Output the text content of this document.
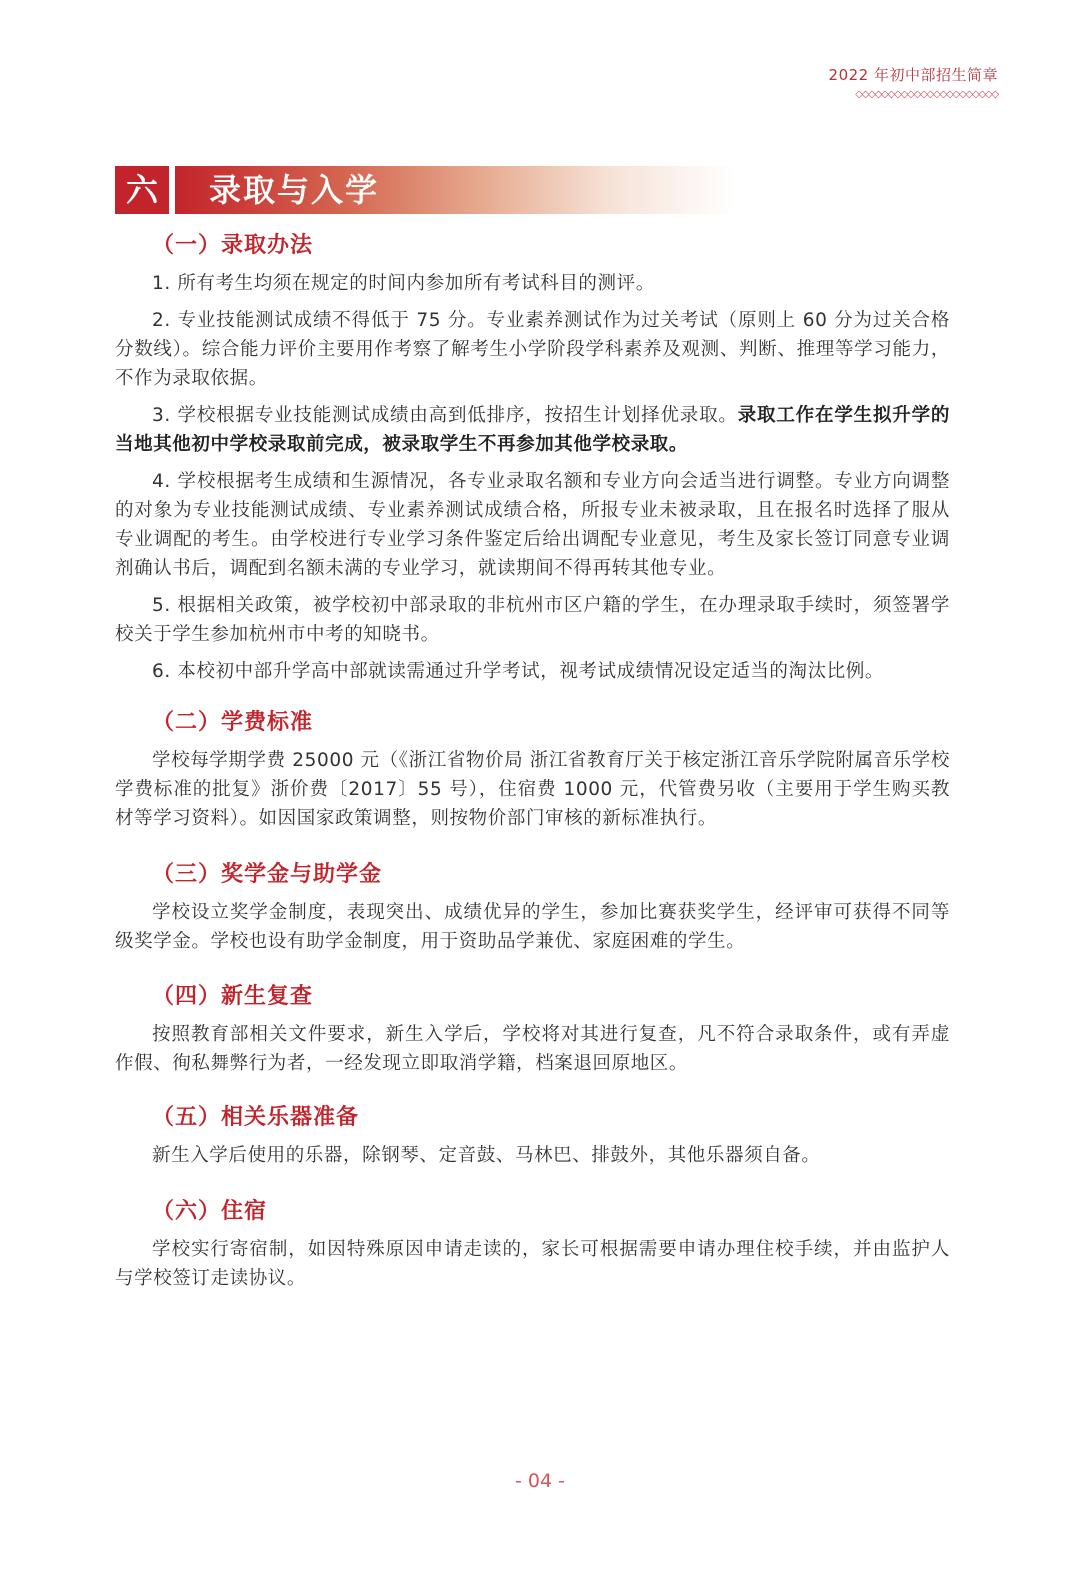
2022 年初中部招生简章
◇◇◇◇◇◇◇◇◇◇◇◇◇◇◇◇◇◇◇◇◇◇
六	录取与入学
（一）录取办法
1. 所有考生均须在规定的时间内参加所有考试科目的测评。
2. 专业技能测试成绩不得低于 75 分。专业素养测试作为过关考试（原则上 60 分为过关合格分数线）。综合能力评价主要用作考察了解考生小学阶段学科素养及观测、判断、推理等学习能力，不作为录取依据。
3. 学校根据专业技能测试成绩由高到低排序，按招生计划择优录取。录取工作在学生拟升学的当地其他初中学校录取前完成，被录取学生不再参加其他学校录取。
4. 学校根据考生成绩和生源情况，各专业录取名额和专业方向会适当进行调整。专业方向调整的对象为专业技能测试成绩、专业素养测试成绩合格，所报专业未被录取，且在报名时选择了服从专业调配的考生。由学校进行专业学习条件鉴定后给出调配专业意见，考生及家长签订同意专业调剂确认书后，调配到名额未满的专业学习，就读期间不得再转其他专业。
5. 根据相关政策，被学校初中部录取的非杭州市区户籍的学生，在办理录取手续时，须签署学校关于学生参加杭州市中考的知晓书。
6. 本校初中部升学高中部就读需通过升学考试，视考试成绩情况设定适当的淘汰比例。
（二）学费标准
学校每学期学费 25000 元（《浙江省物价局 浙江省教育厅关于核定浙江音乐学院附属音乐学校学费标准的批复》浙价费〔2017〕55 号），住宿费 1000 元，代管费另收（主要用于学生购买教材等学习资料）。如因国家政策调整，则按物价部门审核的新标准执行。
（三）奖学金与助学金
学校设立奖学金制度，表现突出、成绩优异的学生，参加比赛获奖学生，经评审可获得不同等级奖学金。学校也设有助学金制度，用于资助品学兼优、家庭困难的学生。
（四）新生复查
按照教育部相关文件要求，新生入学后，学校将对其进行复查，凡不符合录取条件，或有弄虚作假、徇私舞弊行为者，一经发现立即取消学籍，档案退回原地区。
（五）相关乐器准备
新生入学后使用的乐器，除钢琴、定音鼓、马林巴、排鼓外，其他乐器须自备。
（六）住宿
学校实行寄宿制，如因特殊原因申请走读的，家长可根据需要申请办理住校手续，并由监护人与学校签订走读协议。
- 04 -
